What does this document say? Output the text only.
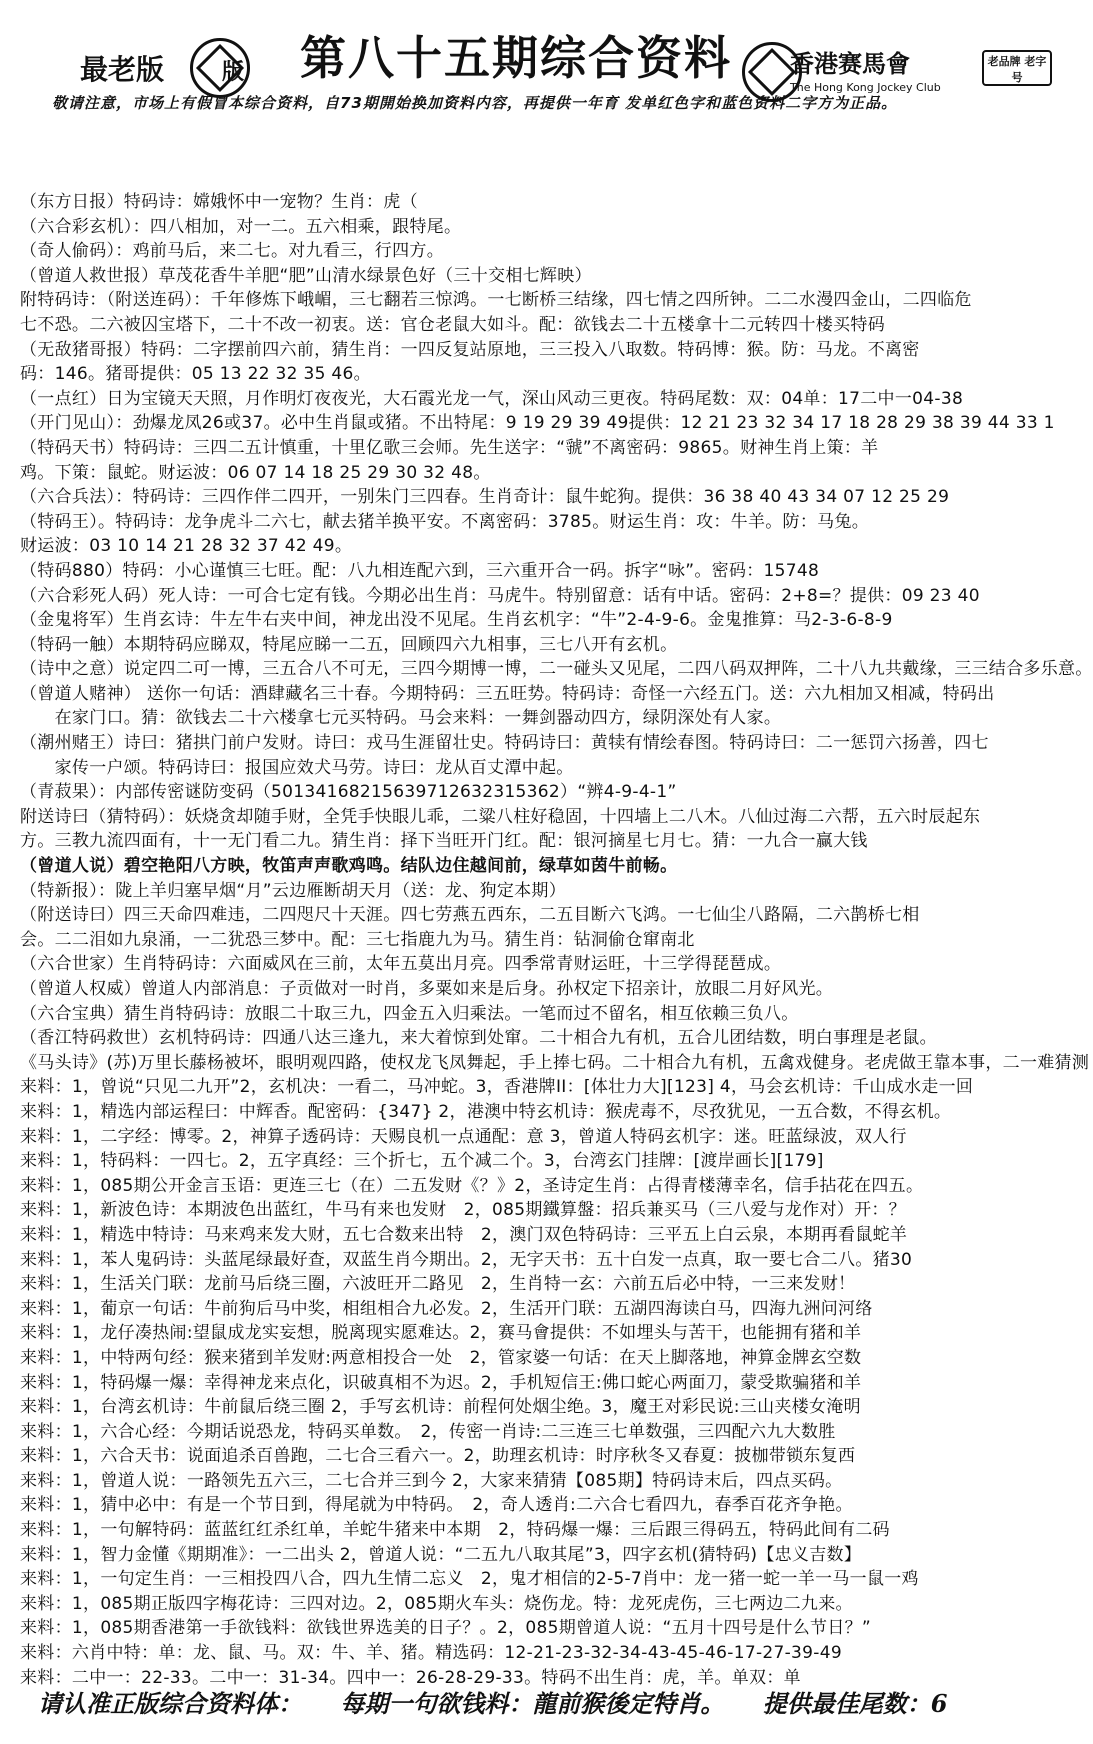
最老版	版 第八十五期综合资料 香港赛馬會
The Hong Kong Jockey Club
老品牌 老字号
敬请注意，市场上有假冒本综合资料，自73期開始换加资料内容，再提供一年育 发单红色字和蓝色资料二字方为正品。
（东方日报）特码诗：嫦娥怀中一宠物？生肖：虎（
（六合彩玄机）：四八相加，对一二。五六相乘，跟特尾。
（奇人偷码）：鸡前马后，来二七。对九看三，行四方。
（曾道人救世报）草茂花香牛羊肥“肥”山清水绿景色好（三十交相七辉映）
附特码诗：（附送连码）：千年修炼下峨嵋，三七翻若三惊鸿。一七断桥三结缘，四七情之四所钟。二二水漫四金山，二四临危
七不恐。二六被囚宝塔下，二十不改一初衷。送：官仓老鼠大如斗。配：欲钱去二十五楼拿十二元转四十楼买特码
（无敌猪哥报）特码：二字摆前四六前，猜生肖：一四反复站原地，三三投入八取数。特码博：猴。防：马龙。不离密
码：146。猪哥提供：05 13 22 32 35 46。
（一点红）日为宝镜天天照，月作明灯夜夜光，大石霞光龙一气，深山风动三更夜。特码尾数：双：04单：17二中一04-38
（开门见山）：劲爆龙凤26或37。必中生肖鼠或猪。不出特尾：9 19 29 39 49提供：12 21 23 32 34 17 18 28 29 38 39 44 33 1
（特码天书）特码诗：三四二五计慎重，十里亿歌三会师。先生送字：“虢”不离密码：9865。财神生肖上策：羊
鸡。下策：鼠蛇。财运波：06 07 14 18 25 29 30 32 48。
（六合兵法）：特码诗：三四作伴二四开，一别朱门三四春。生肖奇计：鼠牛蛇狗。提供：36 38 40 43 34 07 12 25 29
（特码王）。特码诗：龙争虎斗二六七，献去猪羊换平安。不离密码：3785。财运生肖：攻：牛羊。防：马兔。
财运波：03 10 14 21 28 32 37 42 49。
（特码880）特码：小心谨慎三七旺。配：八九相连配六到，三六重开合一码。拆字“咏”。密码：15748
（六合彩死人码）死人诗：一可合七定有钱。今期必出生肖：马虎牛。特别留意：话有中话。密码：2+8=？提供：09 23 40
（金鬼将军）生肖玄诗：牛左牛右夹中间，神龙出没不见尾。生肖玄机字：“牛”2-4-9-6。金鬼推算：马2-3-6-8-9
（特码一触）本期特码应睇双，特尾应睇一二五，回顾四六九相事，三七八开有玄机。
（诗中之意）说定四二可一博，三五合八不可无，三四今期博一博，二一碰头又见尾，二四八码双押阵，二十八九共戴缘，三三结合多乐意。
（曾道人赌神） 送你一句话：酒肆藏名三十春。今期特码：三五旺势。特码诗：奇怪一六经五门。送：六九相加又相减，特码出
　　在家门口。猜：欲钱去二十六楼拿七元买特码。马会来料：一舞剑器动四方，绿阴深处有人家。
（潮州赌王）诗曰：猪拱门前户发财。诗曰：戎马生涯留壮史。特码诗曰：黄犊有情绘春图。特码诗曰：二一惩罚六扬善，四七
　　家传一户颂。特码诗曰：报国应效犬马劳。诗曰：龙从百丈潭中起。
（青菽果）：内部传密谜防变码（50134168215639712632315362）“辨4-9-4-1”
附送诗曰（猜特码）：妖烧贪却随手财，全凭手快眼儿乖，二粱八柱好稳固，十四墙上二八木。八仙过海二六帮，五六时辰起东
方。三教九流四面有，十一无门看二九。猜生肖：择下当旺开门红。配：银河摘星七月七。猜：一九合一赢大钱
（曾道人说）碧空艳阳八方映，牧笛声声歌鸡鸣。结队边住越间前，绿草如茵牛前畅。
（特新报）：陇上羊归塞早烟“月”云边雁断胡天月（送：龙、狗定本期）
（附送诗曰）四三天命四难违，二四咫尺十天涯。四七劳燕五西东，二五目断六飞鸿。一七仙尘八路隔，二六鹊桥七相
会。二二泪如九泉涌，一二犹恐三梦中。配：三七指鹿九为马。猜生肖：钻洞偷仓窜南北
（六合世家）生肖特码诗：六面威风在三前，太年五莫出月亮。四季常青财运旺，十三学得琵琶成。
（曾道人权威）曾道人内部消息：子贡做对一时肖，多粟如来是后身。孙权定下招亲计，放眼二月好风光。
（六合宝典）猜生肖特码诗：放眼二十取三九，四金五入归乘法。一笔而过不留名，相互依赖三负八。
（香江特码救世）玄机特码诗：四通八达三逢九，来大着惊到处窜。二十相合九有机，五合儿团结数，明白事理是老鼠。
《马头诗》(苏)万里长藤杨被坏，眼明观四路，使权龙飞凤舞起，手上捧七码。二十相合九有机，五禽戏健身。老虎做王靠本事，二一难猜测
来料：1，曾说“只见二九开”2，玄机决：一看二，马冲蛇。3，香港牌II：[体壮力大][123] 4，马会玄机诗：千山成水走一回
来料：1，精选内部运程曰：中辉香。配密码：{347} 2，港澳中特玄机诗：猴虎毒不，尽孜犹见，一五合数，不得玄机。
来料：1，二字经：博零。2，神算子透码诗：天赐良机一点通配：意 3，曾道人特码玄机字：迷。旺蓝绿波，双人行
来料：1，特码料：一四七。2，五字真经：三个折七，五个减二个。3，台湾玄门挂牌：[渡岸画长][179]
来料：1，085期公开金言玉语：更连三七（在）二五发财《？》2，圣诗定生肖：占得青楼薄幸名，信手拈花在四五。
来料：1，新波色诗：本期波色出蓝红，牛马有来也发财　2，085期鐵算盤：招兵兼买马（三八爱与龙作对）开：？
来料：1，精选中特诗：马来鸡来发大财，五七合数来出特　2，澳门双色特码诗：三平五上白云泉，本期再看鼠蛇羊
来料：1，苯人鬼码诗：头蓝尾绿最好查，双蓝生肖今期出。2，无字天书：五十白发一点真，取一要七合二八。猪30
来料：1，生活关门联：龙前马后绕三圈，六波旺开二路见　2，生肖特一玄：六前五后必中特，一三来发财！
来料：1，葡京一句话：牛前狗后马中奖，相组相合九必发。2，生活开门联：五湖四海读白马，四海九洲问河络
来料：1，龙仔凑热闹:望鼠成龙实妄想，脱离现实愿难达。2，赛马會提供：不如埋头与苦干，也能拥有猪和羊
来料：1，中特两句经：猴来猪到羊发财:两意相投合一处　2，管家婆一句话：在天上脚落地，神算金牌玄空数
来料：1，特码爆一爆：幸得神龙来点化，识破真相不为迟。2，手机短信王:佛口蛇心两面刀，蒙受欺骗猪和羊
来料：1，台湾玄机诗：牛前鼠后绕三圈 2，手写玄机诗：前程何处烟尘绝。3，魔王对彩民说:三山夹楼女淹明
来料：1，六合心经：今期话说恐龙，特码买单数。　2，传密一肖诗:二三连三七单数强，三四配六九大数胜
来料：1，六合天书：说面追杀百兽跑，二七合三看六一。2，助理玄机诗：时序秋冬又春夏：披枷带锁东复西
来料：1，曾道人说：一路领先五六三，二七合并三到今 2，大家来猜猜【085期】特码诗末后，四点买码。
来料：1，猜中必中：有是一个节日到，得尾就为中特码。　2，奇人透肖:二六合七看四九，春季百花齐争艳。
来料：1，一句解特码：蓝蓝红红杀红单，羊蛇牛猪来中本期　2，特码爆一爆：三后跟三得码五，特码此间有二码
来料：1，智力金懂《期期准》：一二出头 2，曾道人说：“二五九八取其尾”3，四字玄机(猜特码)【忠义吉数】
来料：1，一句定生肖：一三相投四八合，四九生情二忘义　2，鬼才相信的2-5-7肖中：龙一猪一蛇一羊一马一鼠一鸡
来料：1，085期正版四字梅花诗：三四对边。2，085期火车头：烧伤龙。特：龙死虎伤，三七两边二九来。
来料：1，085期香港第一手欲钱料：欲钱世界选美的日子？。2，085期曾道人说：“五月十四号是什么节日？”
来料：六肖中特：单：龙、鼠、马。双：牛、羊、猪。精选码：12-21-23-32-34-43-45-46-17-27-39-49
来料：二中一：22-33。二中一：31-34。四中一：26-28-29-33。特码不出生肖：虎，羊。单双：单
请认准正版综合资料体： 每期一句欲钱料：龍前猴後定特肖。 提供最佳尾数：6
